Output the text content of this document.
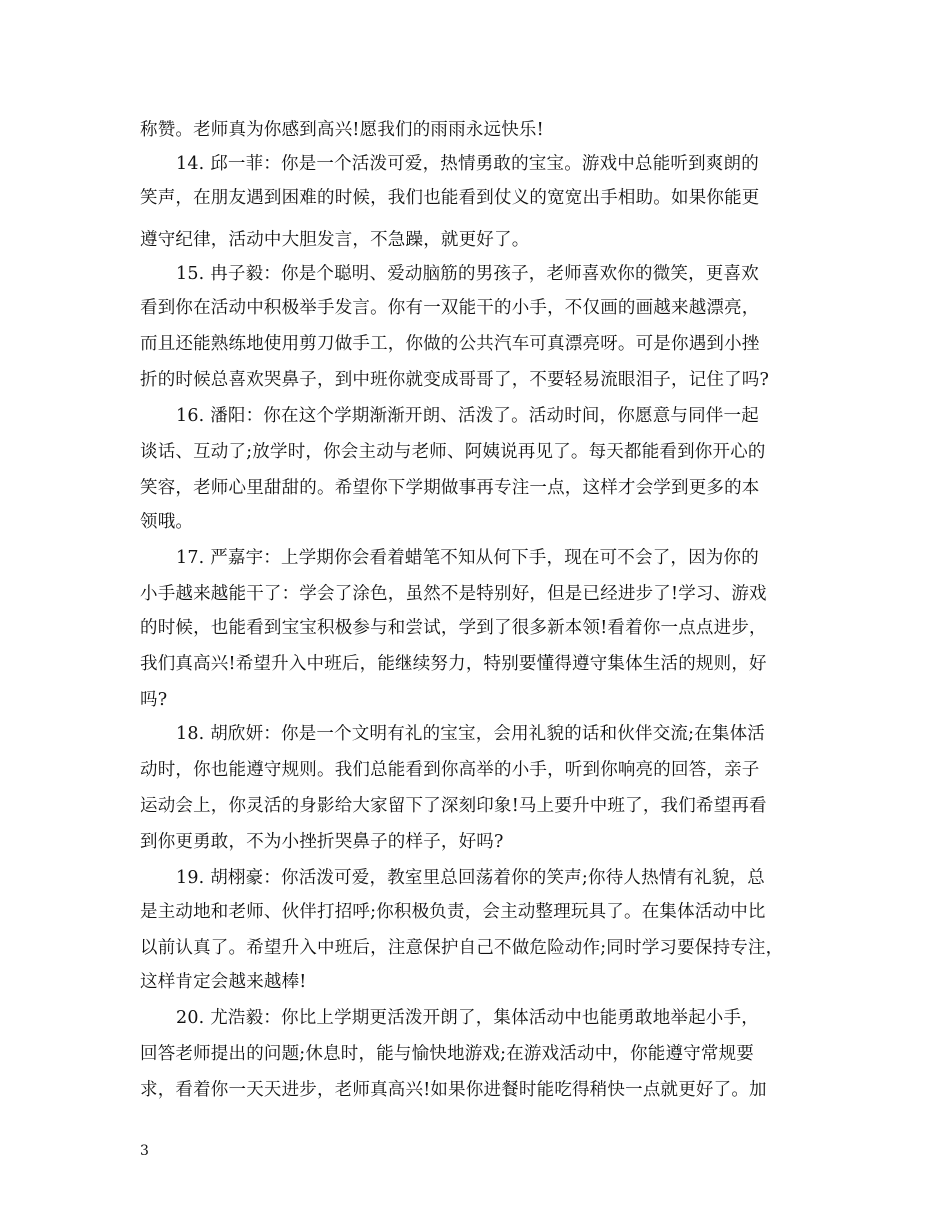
称赞。老师真为你感到高兴!愿我们的雨雨永远快乐!
14. 邱一菲：你是一个活泼可爱，热情勇敢的宝宝。游戏中总能听到爽朗的
笑声，在朋友遇到困难的时候，我们也能看到仗义的宽宽出手相助。如果你能更
遵守纪律，活动中大胆发言，不急躁，就更好了。
15. 冉子毅：你是个聪明、爱动脑筋的男孩子，老师喜欢你的微笑，更喜欢
看到你在活动中积极举手发言。你有一双能干的小手，不仅画的画越来越漂亮，
而且还能熟练地使用剪刀做手工，你做的公共汽车可真漂亮呀。可是你遇到小挫
折的时候总喜欢哭鼻子，到中班你就变成哥哥了，不要轻易流眼泪子，记住了吗?
16. 潘阳：你在这个学期渐渐开朗、活泼了。活动时间，你愿意与同伴一起
谈话、互动了;放学时，你会主动与老师、阿姨说再见了。每天都能看到你开心的
笑容，老师心里甜甜的。希望你下学期做事再专注一点，这样才会学到更多的本
领哦。
17. 严嘉宇：上学期你会看着蜡笔不知从何下手，现在可不会了，因为你的
小手越来越能干了：学会了涂色，虽然不是特别好，但是已经进步了!学习、游戏
的时候，也能看到宝宝积极参与和尝试，学到了很多新本领!看着你一点点进步，
我们真高兴!希望升入中班后，能继续努力，特别要懂得遵守集体生活的规则，好
吗?
18. 胡欣妍：你是一个文明有礼的宝宝，会用礼貌的话和伙伴交流;在集体活
动时，你也能遵守规则。我们总能看到你高举的小手，听到你响亮的回答，亲子
运动会上，你灵活的身影给大家留下了深刻印象!马上要升中班了，我们希望再看
到你更勇敢，不为小挫折哭鼻子的样子，好吗?
19. 胡栩豪：你活泼可爱，教室里总回荡着你的笑声;你待人热情有礼貌，总
是主动地和老师、伙伴打招呼;你积极负责，会主动整理玩具了。在集体活动中比
以前认真了。希望升入中班后，注意保护自己不做危险动作;同时学习要保持专注，
这样肯定会越来越棒!
20. 尤浩毅：你比上学期更活泼开朗了，集体活动中也能勇敢地举起小手，
回答老师提出的问题;休息时，能与愉快地游戏;在游戏活动中，你能遵守常规要
求，看着你一天天进步，老师真高兴!如果你进餐时能吃得稍快一点就更好了。加
3
